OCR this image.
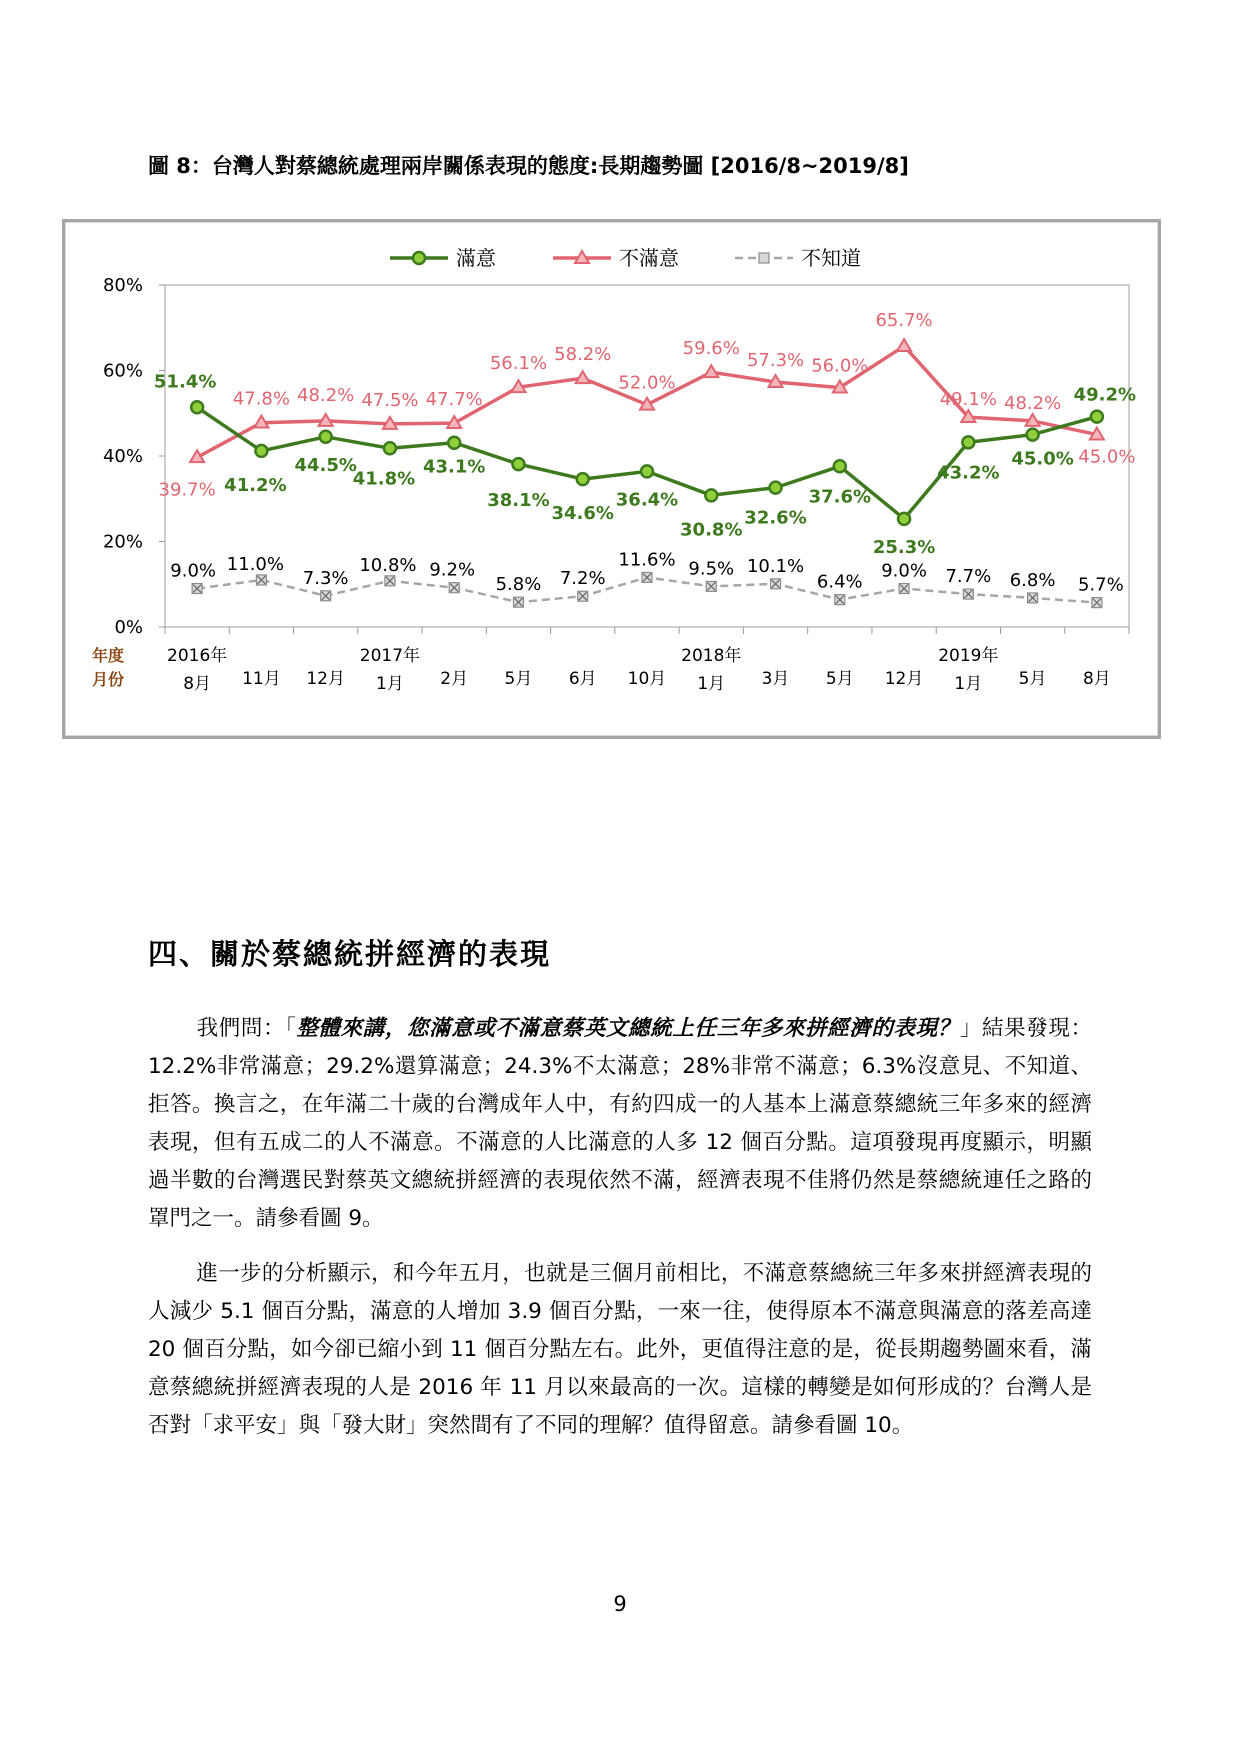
圖 8：台灣人對蔡總統處理兩岸關係表現的態度:長期趨勢圖 [2016/8~2019/8]
0%
20%
40%
60%
80%
年度
月份
2016年
8月 11月 12月
2017年
1月 2月 5月 6月 10月
2018年
1月 3月 5月 12月
2019年
1月 5月 8月
51.4%
41.2%
44.5%
41.8%
43.1%
38.1%
34.6%
36.4%
30.8%
32.6%
37.6%
25.3%
43.2%
45.0%
49.2%
39.7%
47.8% 48.2% 47.5% 47.7%
56.1% 58.2%
52.0%
59.6%
57.3% 56.0%
65.7%
49.1% 48.2%
45.0%
9.0% 11.0%
7.3%
10.8% 9.2%
5.8% 7.2%
11.6% 9.5% 10.1%
6.4%
9.0% 7.7% 6.8% 5.7%
滿意	不滿意	不知道
四、關於蔡總統拼經濟的表現
我們問：「整體來講，您滿意或不滿意蔡英文總統上任三年多來拼經濟的表現？」結果發現：12.2%非常滿意；29.2%還算滿意；24.3%不太滿意；28%非常不滿意；6.3%沒意見、不知道、拒答。換言之，在年滿二十歲的台灣成年人中，有約四成一的人基本上滿意蔡總統三年多來的經濟表現，但有五成二的人不滿意。不滿意的人比滿意的人多 12 個百分點。這項發現再度顯示，明顯過半數的台灣選民對蔡英文總統拼經濟的表現依然不滿，經濟表現不佳將仍然是蔡總統連任之路的罩門之一。請參看圖 9。
進一步的分析顯示，和今年五月，也就是三個月前相比，不滿意蔡總統三年多來拼經濟表現的人減少 5.1 個百分點，滿意的人增加 3.9 個百分點，一來一往，使得原本不滿意與滿意的落差高達 20 個百分點，如今卻已縮小到 11 個百分點左右。此外，更值得注意的是，從長期趨勢圖來看，滿意蔡總統拼經濟表現的人是 2016 年 11 月以來最高的一次。這樣的轉變是如何形成的？台灣人是否對「求平安」與「發大財」突然間有了不同的理解？值得留意。請參看圖 10。
9
